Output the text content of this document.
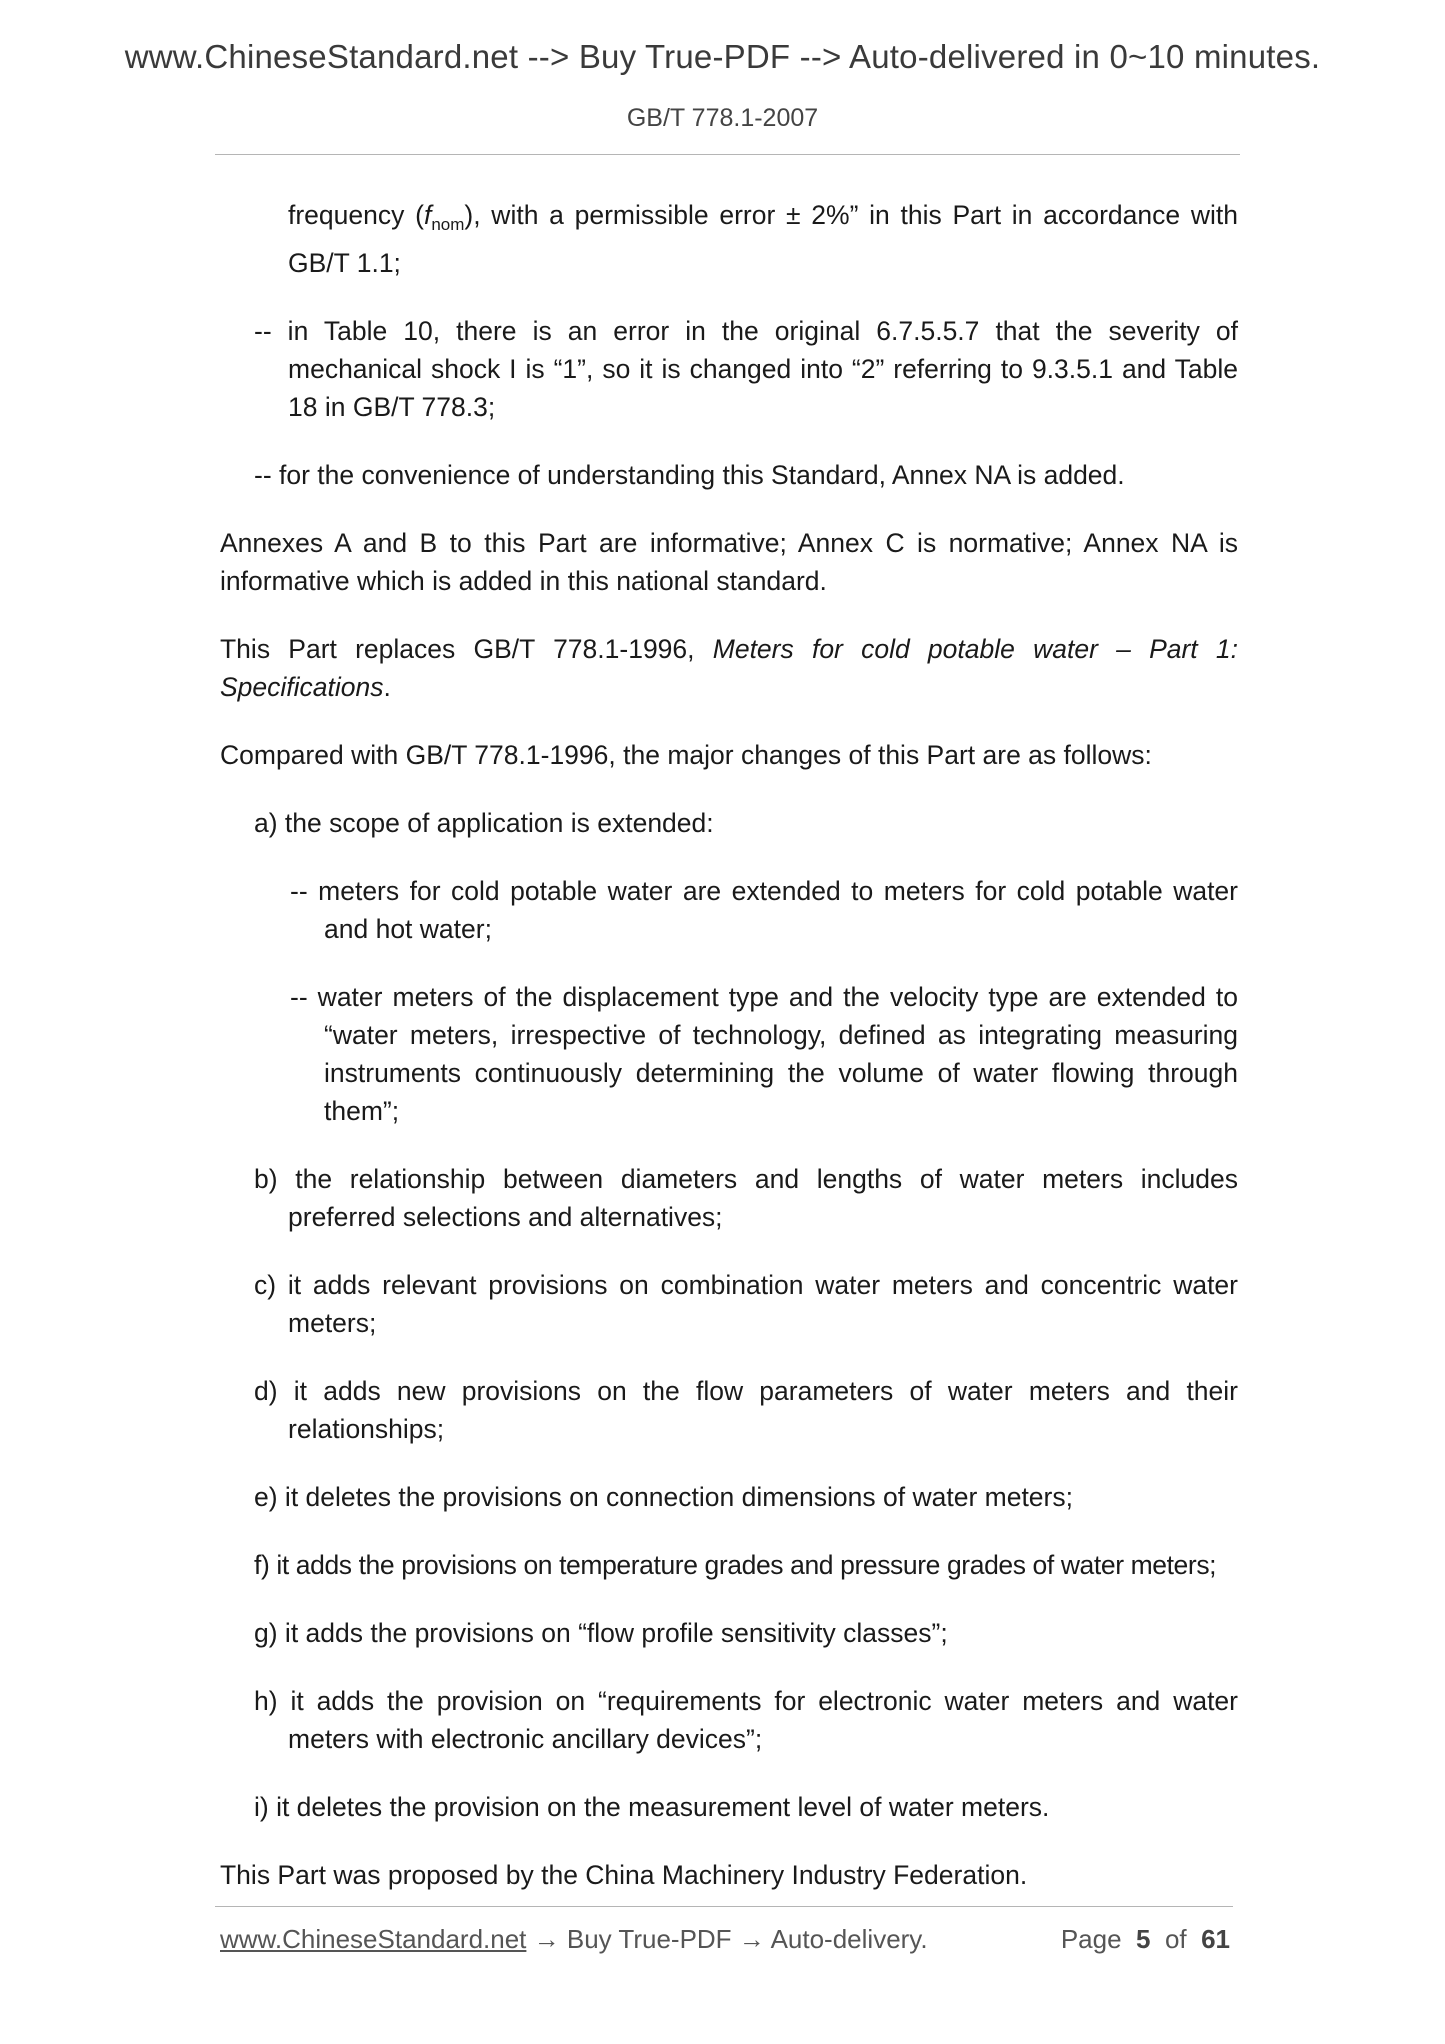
www.ChineseStandard.net --> Buy True-PDF --> Auto-delivered in 0~10 minutes.
GB/T 778.1-2007

frequency $(f_{nom})$, with a permissible error ± 2%” in this Part in accordance with GB/T 1.1;

-- in Table 10, there is an error in the original 6.7.5.5.7 that the severity of mechanical shock I is “1”, so it is changed into “2” referring to 9.3.5.1 and Table 18 in GB/T 778.3;

-- for the convenience of understanding this Standard, Annex NA is added.

Annexes A and B to this Part are informative; Annex C is normative; Annex NA is informative which is added in this national standard.

This Part replaces GB/T 778.1-1996, Meters for cold potable water – Part 1: Specifications.

Compared with GB/T 778.1-1996, the major changes of this Part are as follows:

a) the scope of application is extended:

-- meters for cold potable water are extended to meters for cold potable water and hot water;

-- water meters of the displacement type and the velocity type are extended to “water meters, irrespective of technology, defined as integrating measuring instruments continuously determining the volume of water flowing through them”;

b) the relationship between diameters and lengths of water meters includes preferred selections and alternatives;

c) it adds relevant provisions on combination water meters and concentric water meters;

d) it adds new provisions on the flow parameters of water meters and their relationships;

e) it deletes the provisions on connection dimensions of water meters;

f) it adds the provisions on temperature grades and pressure grades of water meters;

g) it adds the provisions on “flow profile sensitivity classes”;

h) it adds the provision on “requirements for electronic water meters and water meters with electronic ancillary devices”;

i) it deletes the provision on the measurement level of water meters.

This Part was proposed by the China Machinery Industry Federation.

www.ChineseStandard.net → Buy True-PDF → Auto-delivery.	Page 5 of 61
